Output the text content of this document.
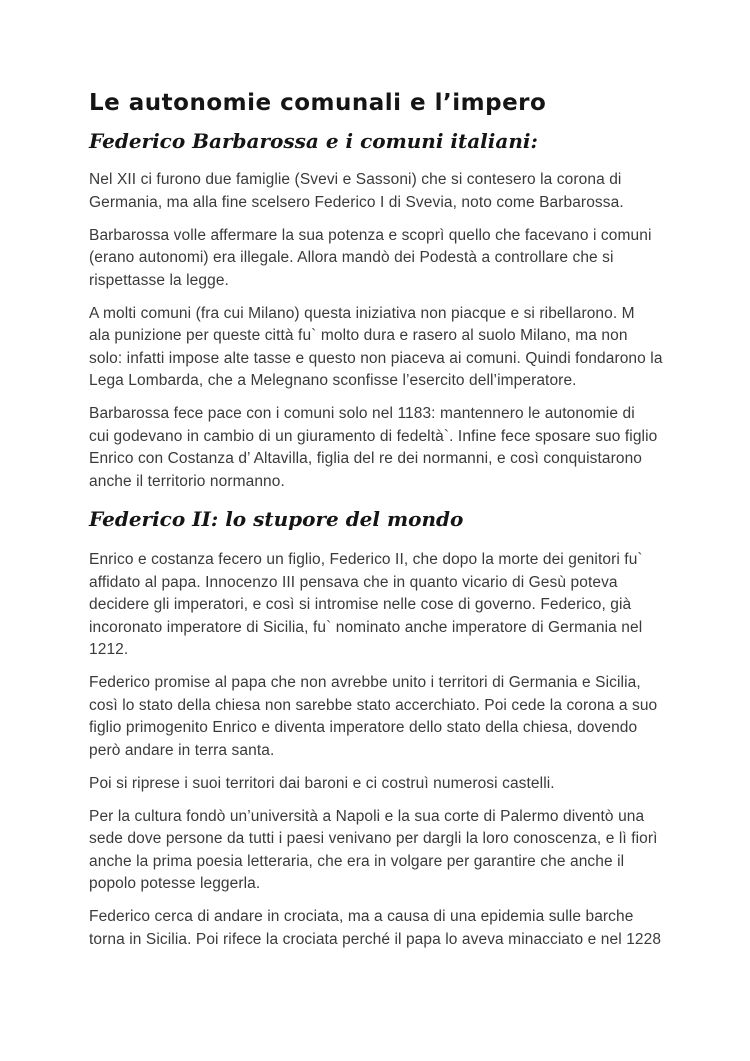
Le autonomie comunali e l’impero
Federico Barbarossa e i comuni italiani:

Nel XII ci furono due famiglie (Svevi e Sassoni) che si contesero la corona di
Germania, ma alla fine scelsero Federico I di Svevia, noto come Barbarossa.

Barbarossa volle affermare la sua potenza e scoprì quello che facevano i comuni
(erano autonomi) era illegale. Allora mandò dei Podestà a controllare che si
rispettasse la legge.

A molti comuni (fra cui Milano) questa iniziativa non piacque e si ribellarono. M
ala punizione per queste città fu` molto dura e rasero al suolo Milano, ma non
solo: infatti impose alte tasse e questo non piaceva ai comuni. Quindi fondarono la
Lega Lombarda, che a Melegnano sconfisse l’esercito dell’imperatore.

Barbarossa fece pace con i comuni solo nel 1183: mantennero le autonomie di
cui godevano in cambio di un giuramento di fedeltà`. Infine fece sposare suo figlio
Enrico con Costanza d’ Altavilla, figlia del re dei normanni, e così conquistarono
anche il territorio normanno.

Federico II: lo stupore del mondo

Enrico e costanza fecero un figlio, Federico II, che dopo la morte dei genitori fu`
affidato al papa. Innocenzo III pensava che in quanto vicario di Gesù poteva
decidere gli imperatori, e così si intromise nelle cose di governo. Federico, già
incoronato imperatore di Sicilia, fu` nominato anche imperatore di Germania nel
1212.

Federico promise al papa che non avrebbe unito i territori di Germania e Sicilia,
così lo stato della chiesa non sarebbe stato accerchiato. Poi cede la corona a suo
figlio primogenito Enrico e diventa imperatore dello stato della chiesa, dovendo
però andare in terra santa.

Poi si riprese i suoi territori dai baroni e ci costruì numerosi castelli.

Per la cultura fondò un’università a Napoli e la sua corte di Palermo diventò una
sede dove persone da tutti i paesi venivano per dargli la loro conoscenza, e lì fiorì
anche la prima poesia letteraria, che era in volgare per garantire che anche il
popolo potesse leggerla.

Federico cerca di andare in crociata, ma a causa di una epidemia sulle barche
torna in Sicilia. Poi rifece la crociata perché il papa lo aveva minacciato e nel 1228
